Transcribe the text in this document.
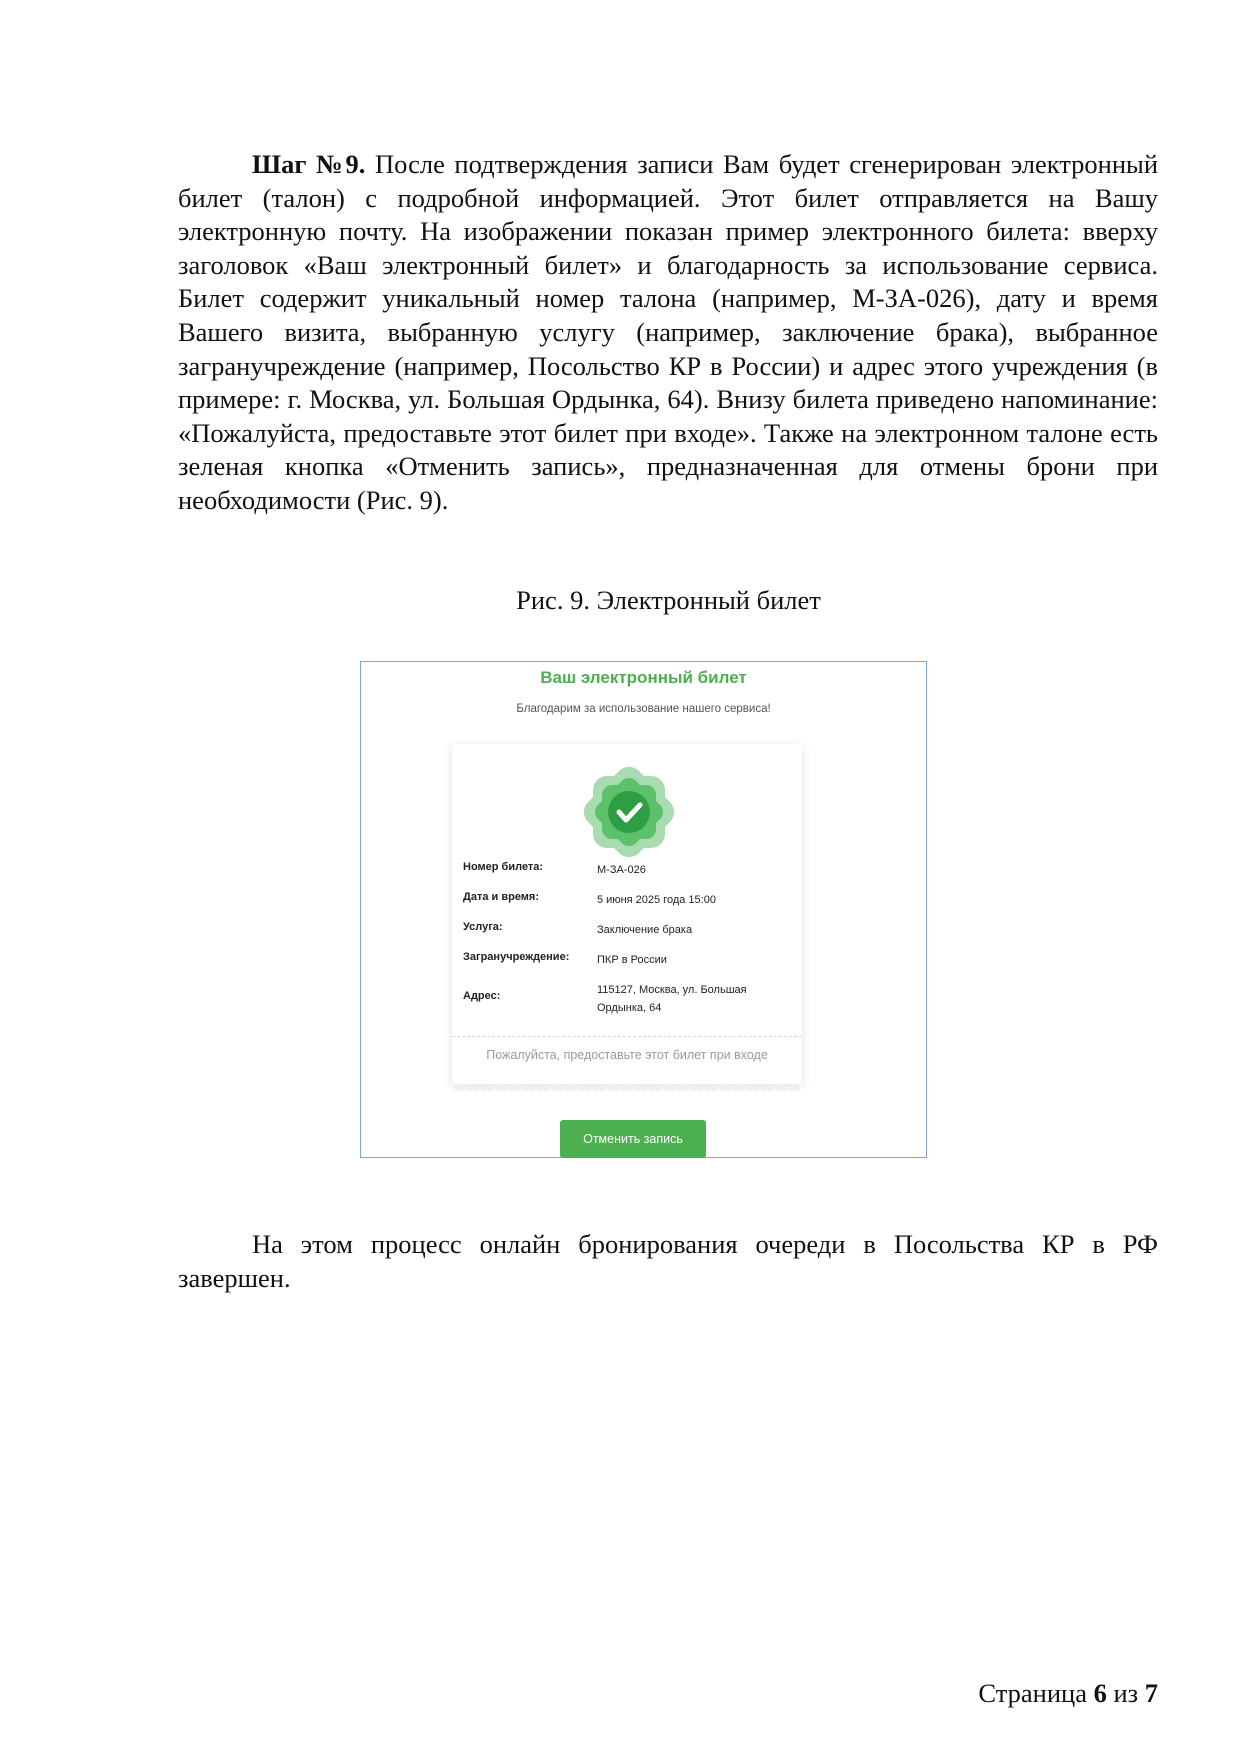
Шаг №9. После подтверждения записи Вам будет сгенерирован электронный билет (талон) с подробной информацией. Этот билет отправляется на Вашу электронную почту. На изображении показан пример электронного билета: вверху заголовок «Ваш электронный билет» и благодарность за использование сервиса. Билет содержит уникальный номер талона (например, М-ЗА-026), дату и время Вашего визита, выбранную услугу (например, заключение брака), выбранное загранучреждение (например, Посольство КР в России) и адрес этого учреждения (в примере: г. Москва, ул. Большая Ордынка, 64). Внизу билета приведено напоминание: «Пожалуйста, предоставьте этот билет при входе». Также на электронном талоне есть зеленая кнопка «Отменить запись», предназначенная для отмены брони при необходимости (Рис. 9).

Рис. 9. Электронный билет

Ваш электронный билет
Благодарим за использование нашего сервиса!
Номер билета:	М-ЗА-026
Дата и время:	5 июня 2025 года 15:00
Услуга:	Заключение брака
Загранучреждение:	ПКР в России
Адрес:	115127, Москва, ул. Большая
Ордынка, 64
Пожалуйста, предоставьте этот билет при входе
Отменить запись

На этом процесс онлайн бронирования очереди в Посольства КР в РФ завершен.

Страница 6 из 7
